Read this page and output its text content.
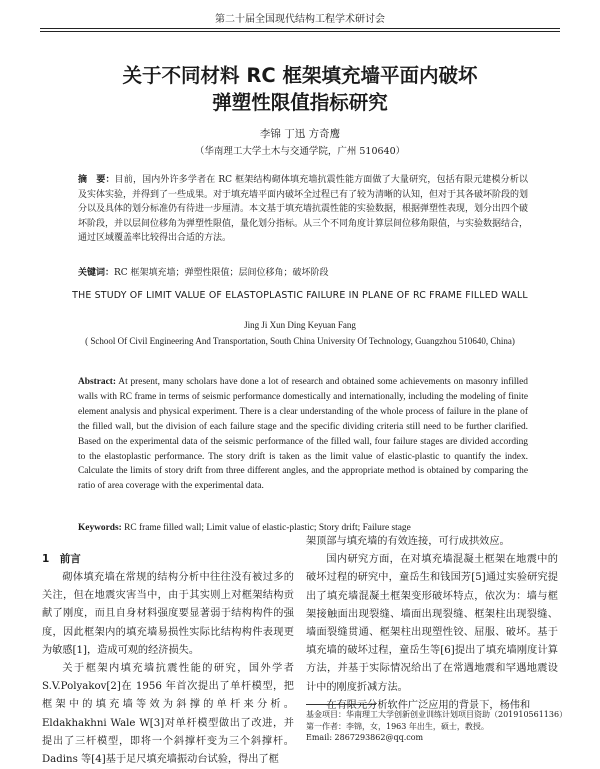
第二十届全国现代结构工程学术研讨会
关于不同材料 RC 框架填充墙平面内破坏
弹塑性限值指标研究
李锦 丁迅 方奇鹰
（华南理工大学土木与交通学院，广州 510640）
摘　要：目前，国内外许多学者在 RC 框架结构砌体填充墙抗震性能方面做了大量研究，包括有限元建模分析以及实体实验，并得到了一些成果。对于填充墙平面内破坏全过程已有了较为清晰的认知，但对于其各破坏阶段的划分以及具体的划分标准仍有待进一步厘清。本文基于填充墙抗震性能的实验数据，根据弹塑性表现，划分出四个破坏阶段，并以层间位移角为弹塑性限值，量化划分指标。从三个不同角度计算层间位移角限值，与实验数据结合，通过区域覆盖率比较得出合适的方法。
关键词：RC 框架填充墙；弹塑性限值；层间位移角；破坏阶段
THE STUDY OF LIMIT VALUE OF ELASTOPLASTIC FAILURE IN PLANE OF RC FRAME FILLED WALL
Jing Ji Xun Ding Keyuan Fang
( School Of Civil Engineering And Transportation, South China University Of Technology, Guangzhou 510640, China)
Abstract: At present, many scholars have done a lot of research and obtained some achievements on masonry infilled walls with RC frame in terms of seismic performance domestically and internationally, including the modeling of finite element analysis and physical experiment. There is a clear understanding of the whole process of failure in the plane of the filled wall, but the division of each failure stage and the specific dividing criteria still need to be further clarified. Based on the experimental data of the seismic performance of the filled wall, four failure stages are divided according to the elastoplastic performance. The story drift is taken as the limit value of elastic-plastic to quantify the index. Calculate the limits of story drift from three different angles, and the appropriate method is obtained by comparing the ratio of area coverage with the experimental data.
Keywords: RC frame filled wall; Limit value of elastic-plastic; Story drift; Failure stage
1　前言

砌体填充墙在常规的结构分析中往往没有被过多的关注，但在地震灾害当中，由于其实则上对框架结构贡献了刚度，而且自身材料强度要显著弱于结构构件的强度，因此框架内的填充墙易损性实际比结构构件表现更为敏感[1]，造成可观的经济损失。

关于框架内填充墙抗震性能的研究，国外学者 S.V.Polyakov[2]在 1956 年首次提出了单杆模型，把框架中的填充墙等效为斜撑的单杆来分析。Eldakhakhni Wale W[3]对单杆模型做出了改进，并提出了三杆模型，即将一个斜撑杆变为三个斜撑杆。Dadins 等[4]基于足尺填充墙振动台试验，得出了框

架顶部与填充墙的有效连接，可行成拱效应。

国内研究方面，在对填充墙混凝土框架在地震中的破坏过程的研究中，童岳生和钱国芳[5]通过实验研究提出了填充墙混凝土框架变形破坏特点，依次为：墙与框架接触面出现裂缝、墙面出现裂缝、框架柱出现裂缝、墙面裂缝贯通、框架柱出现塑性铰、屈服、破坏。基于填充墙的破坏过程，童岳生等[6]提出了填充墙刚度计算方法，并基于实际情况给出了在常遇地震和罕遇地震设计中的刚度折减方法。

在有限元分析软件广泛应用的背景下，杨伟和

基金项目：华南理工大学创新创业训练计划项目资助（201910561136）
第一作者：李锦，女，1963 年出生，硕士，教授。
Email: 2867293862@qq.com
